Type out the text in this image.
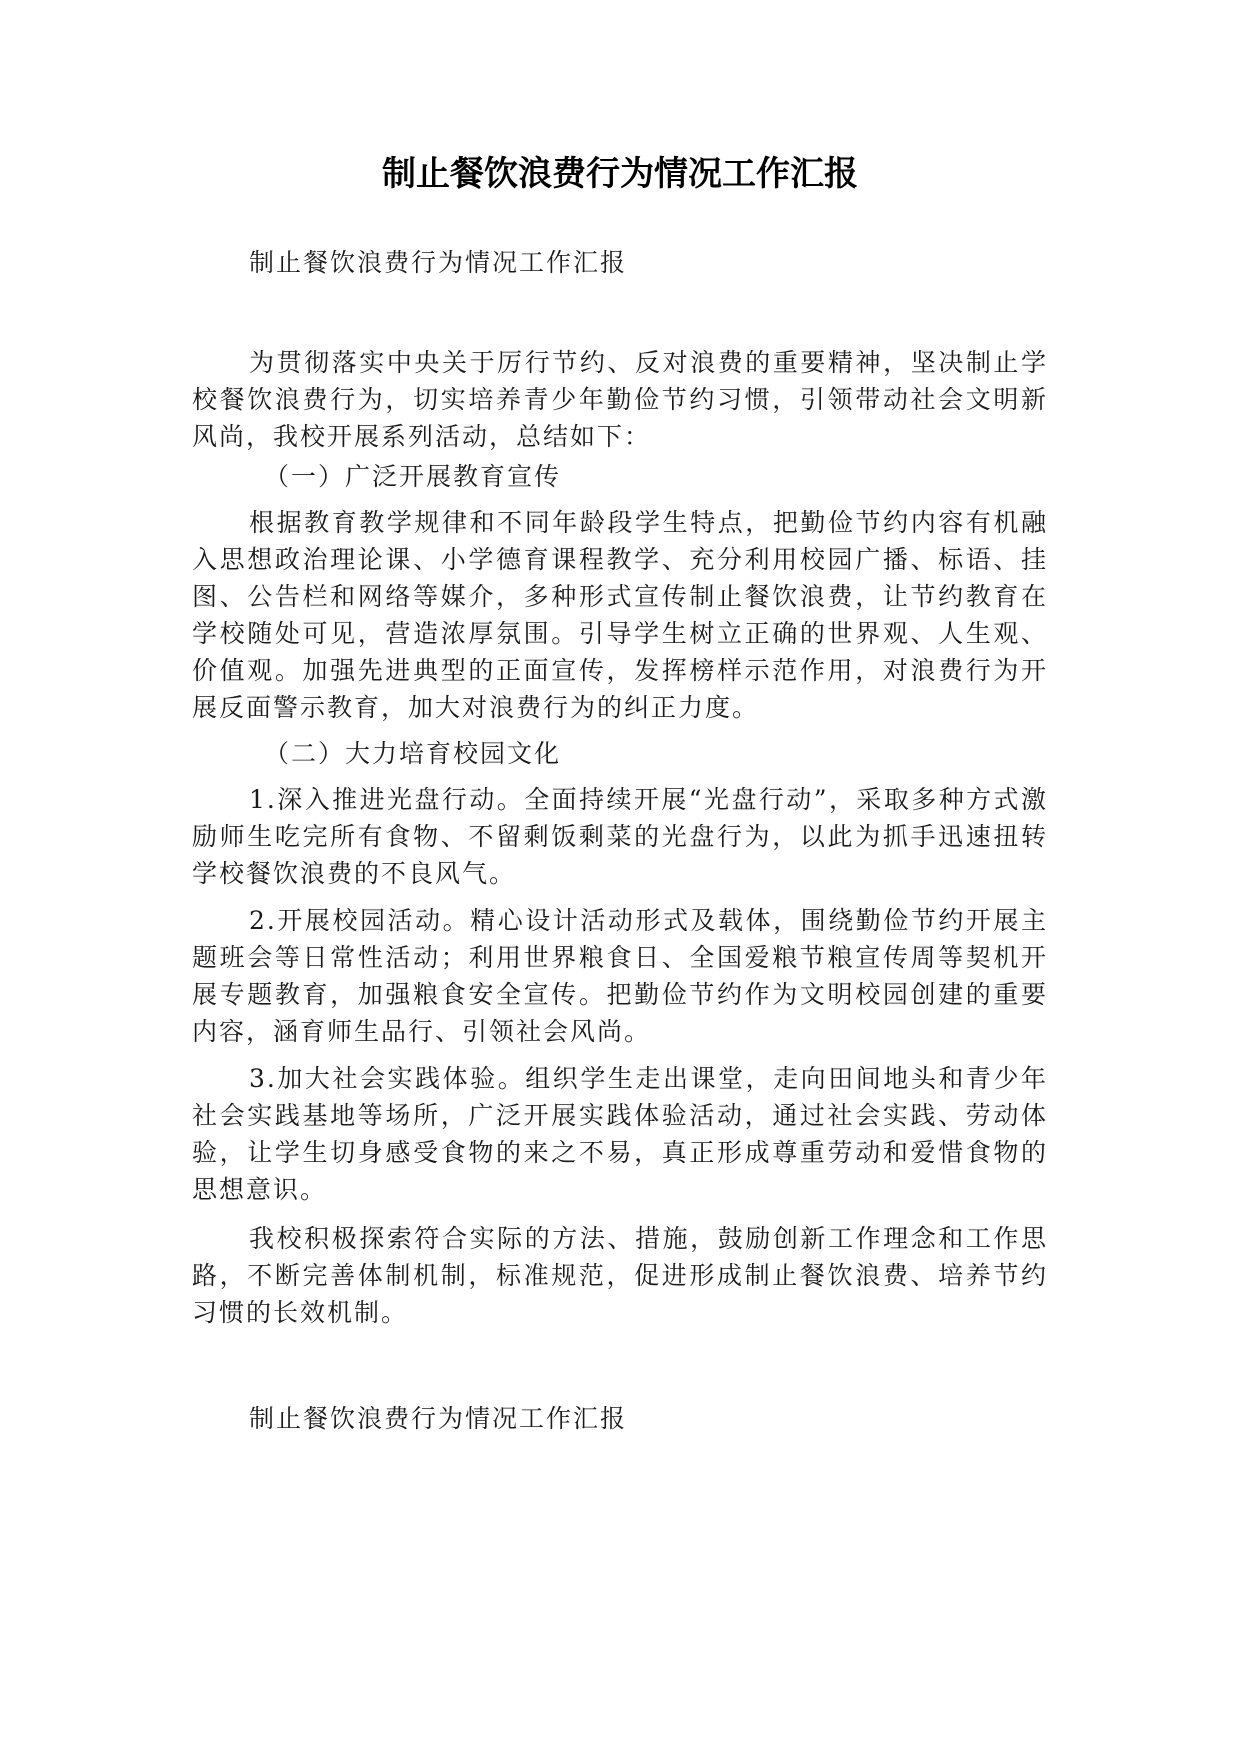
制止餐饮浪费行为情况工作汇报

制止餐饮浪费行为情况工作汇报

为贯彻落实中央关于厉行节约、反对浪费的重要精神，坚决制止学校餐饮浪费行为，切实培养青少年勤俭节约习惯，引领带动社会文明新风尚，我校开展系列活动，总结如下：

（一）广泛开展教育宣传

根据教育教学规律和不同年龄段学生特点，把勤俭节约内容有机融入思想政治理论课、小学德育课程教学、充分利用校园广播、标语、挂图、公告栏和网络等媒介，多种形式宣传制止餐饮浪费，让节约教育在学校随处可见，营造浓厚氛围。引导学生树立正确的世界观、人生观、价值观。加强先进典型的正面宣传，发挥榜样示范作用，对浪费行为开展反面警示教育，加大对浪费行为的纠正力度。

（二）大力培育校园文化

1.深入推进光盘行动。全面持续开展“光盘行动”，采取多种方式激励师生吃完所有食物、不留剩饭剩菜的光盘行为，以此为抓手迅速扭转学校餐饮浪费的不良风气。

2.开展校园活动。精心设计活动形式及载体，围绕勤俭节约开展主题班会等日常性活动；利用世界粮食日、全国爱粮节粮宣传周等契机开展专题教育，加强粮食安全宣传。把勤俭节约作为文明校园创建的重要内容，涵育师生品行、引领社会风尚。

3.加大社会实践体验。组织学生走出课堂，走向田间地头和青少年社会实践基地等场所，广泛开展实践体验活动，通过社会实践、劳动体验，让学生切身感受食物的来之不易，真正形成尊重劳动和爱惜食物的思想意识。

我校积极探索符合实际的方法、措施，鼓励创新工作理念和工作思路，不断完善体制机制，标准规范，促进形成制止餐饮浪费、培养节约习惯的长效机制。

制止餐饮浪费行为情况工作汇报
